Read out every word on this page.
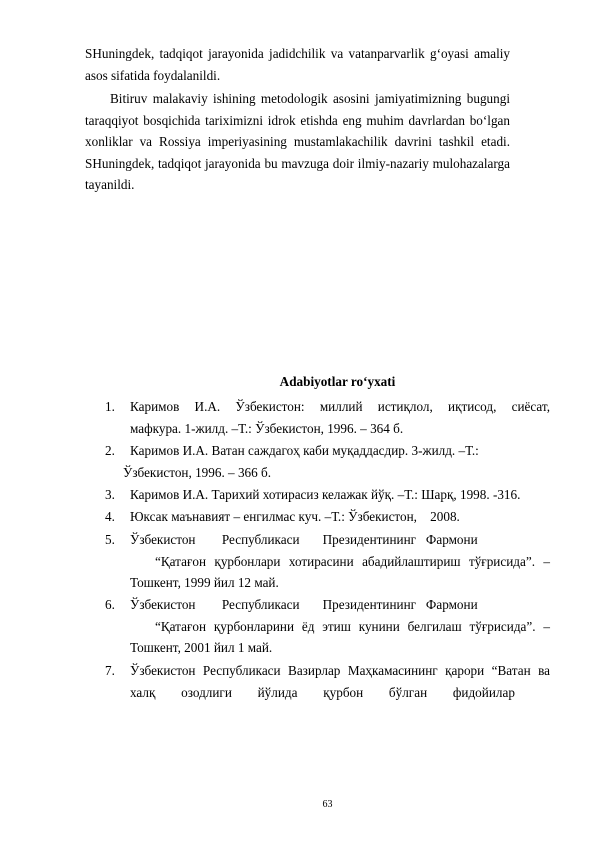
SHuningdek, tadqiqot jarayonida jadidchilik va vatanparvarlik g‘oyasi amaliy
asos sifatida foydalanildi.
Bitiruv malakaviy ishining metodologik asosini jamiyatimizning bugungi
taraqqiyot bosqichida tariximizni idrok etishda eng muhim davrlardan bo‘lgan
xonliklar va Rossiya imperiyasining mustamlakachilik davrini tashkil etadi.
SHuningdek, tadqiqot jarayonida bu mavzuga doir ilmiy-nazariy mulohazalarga
tayanildi.
Adabiyotlar ro‘yxati
1.	Каримов И.А. Ўзбекистон: миллий истиқлол, иқтисод, сиёсат,
мафкура. 1-жилд. –Т.: Ўзбекистон, 1996. – 364 б.
2.	Каримов И.А. Ватан саждагоҳ каби муқаддасдир. 3-жилд. –Т.:
Ўзбекистон, 1996. – 366 б.
3.	Каримов И.А. Тарихий хотирасиз келажак йўқ. –Т.: Шарқ, 1998. -316.
4.	Юксак маънавият – енгилмас куч. –Т.: Ўзбекистон,    2008.
5.	Ўзбекистон        Республикаси       Президентининг   Фармони
“Қатағон қурбонлари хотирасини абадийлаштириш тўғрисида”. –
Тошкент, 1999 йил 12 май.
6.	Ўзбекистон        Республикаси       Президентининг   Фармони
“Қатағон қурбонларини ёд этиш кунини белгилаш тўғрисида”. –
Тошкент, 2001 йил 1 май.
7.	Ўзбекистон Республикаси Вазирлар Маҳкамасининг қарори “Ватан ва
халқ озодлиги йўлида қурбон бўлган фидойилар
63
